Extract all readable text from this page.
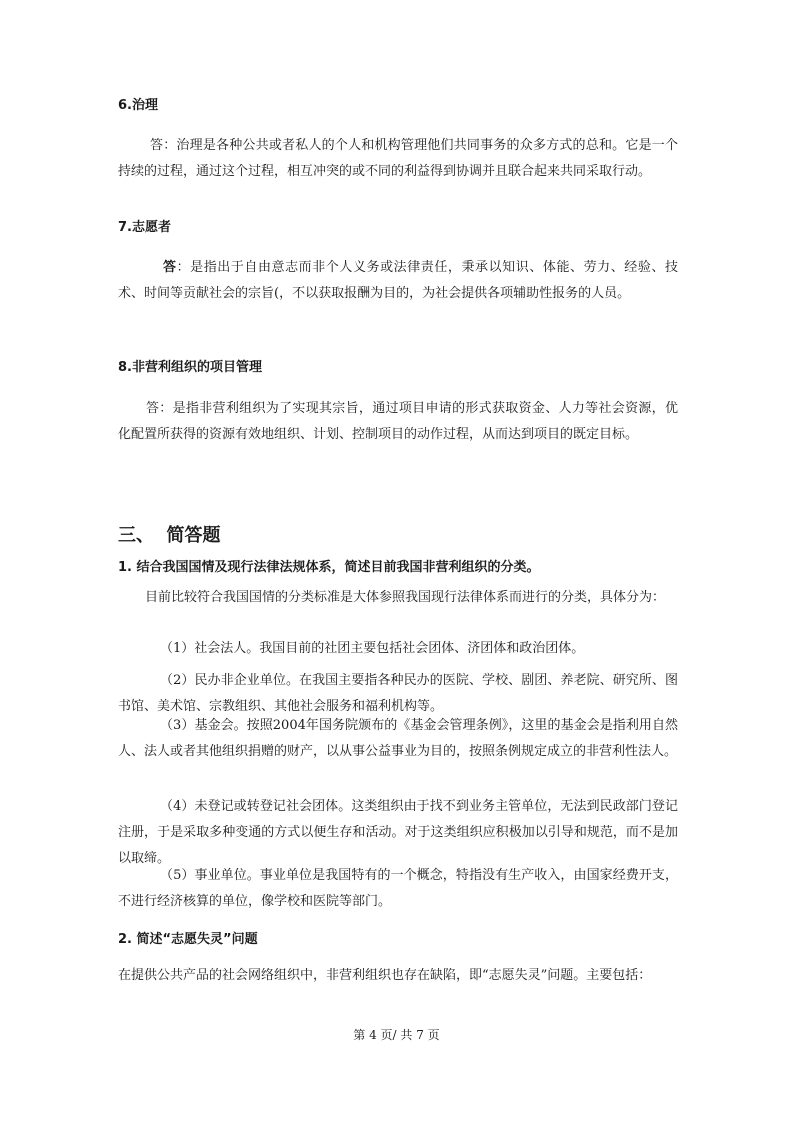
6.治理

答：治理是各种公共或者私人的个人和机构管理他们共同事务的众多方式的总和。它是一个持续的过程，通过这个过程，相互冲突的或不同的利益得到协调并且联合起来共同采取行动。

7.志愿者

答：是指出于自由意志而非个人义务或法律责任，秉承以知识、体能、劳力、经验、技术、时间等贡献社会的宗旨(，不以获取报酬为目的，为社会提供各项辅助性报务的人员。

8.非营利组织的项目管理

答：是指非营利组织为了实现其宗旨，通过项目申请的形式获取资金、人力等社会资源，优化配置所获得的资源有效地组织、计划、控制项目的动作过程，从而达到项目的既定目标。

三、  简答题
1. 结合我国国情及现行法律法规体系，简述目前我国非营利组织的分类。

目前比较符合我国国情的分类标准是大体参照我国现行法律体系而进行的分类，具体分为：

（1）社会法人。我国目前的社团主要包括社会团体、济团体和政治团体。

（2）民办非企业单位。在我国主要指各种民办的医院、学校、剧团、养老院、研究所、图书馆、美术馆、宗教组织、其他社会服务和福利机构等。

（3）基金会。按照2004年国务院颁布的《基金会管理条例》，这里的基金会是指利用自然人、法人或者其他组织捐赠的财产，以从事公益事业为目的，按照条例规定成立的非营利性法人。

（4）未登记或转登记社会团体。这类组织由于找不到业务主管单位，无法到民政部门登记注册，于是采取多种变通的方式以便生存和活动。对于这类组织应积极加以引导和规范，而不是加以取缔。

（5）事业单位。事业单位是我国特有的一个概念，特指没有生产收入，由国家经费开支，不进行经济核算的单位，像学校和医院等部门。

2. 简述“志愿失灵”问题

在提供公共产品的社会网络组织中，非营利组织也存在缺陷，即“志愿失灵”问题。主要包括：

第 4 页/ 共 7 页
